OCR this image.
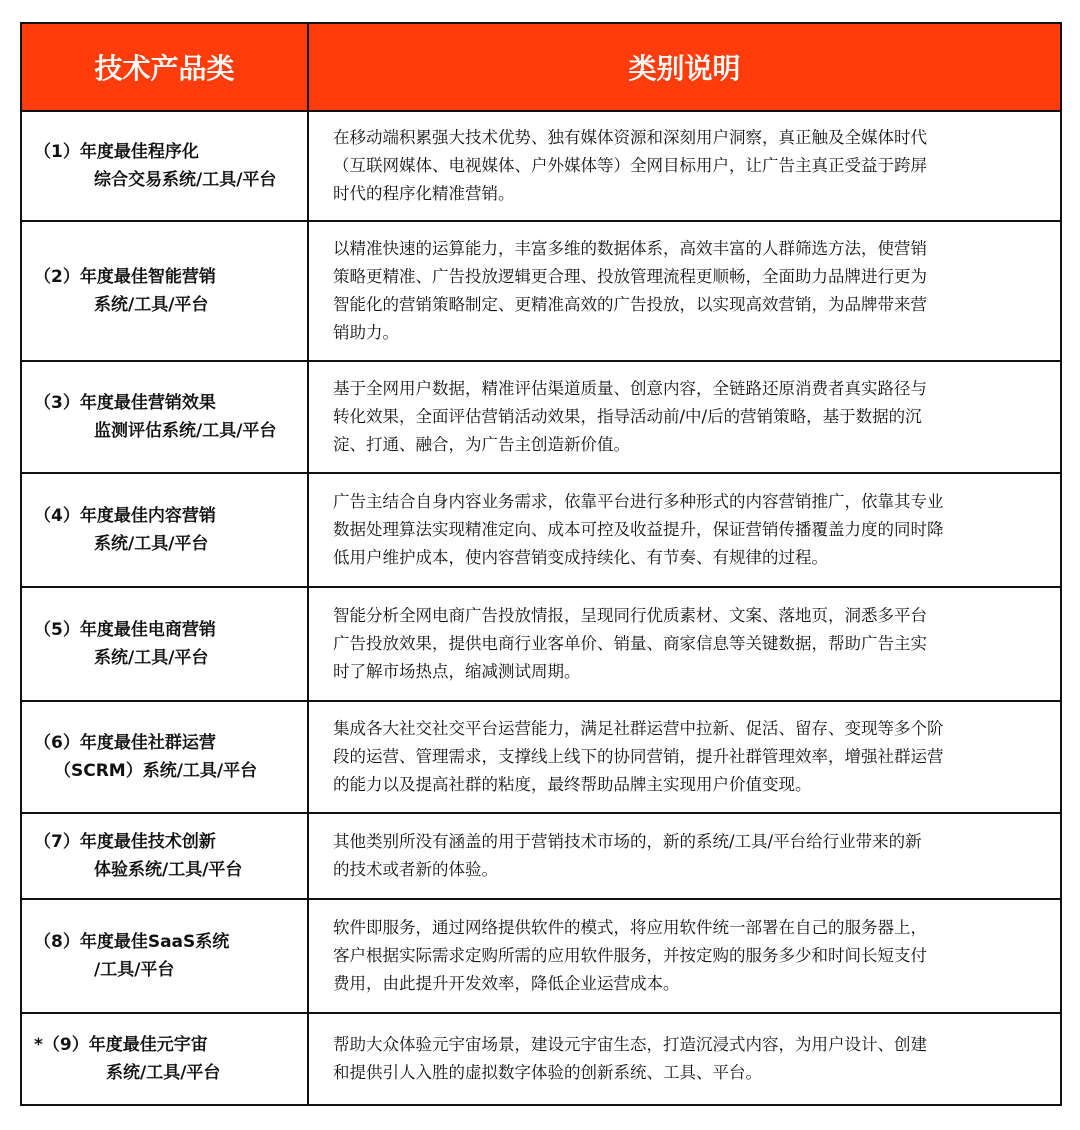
技术产品类	类别说明

（1）年度最佳程序化
综合交易系统/工具/平台	在移动端积累强大技术优势、独有媒体资源和深刻用户洞察，真正触及全媒体时代
（互联网媒体、电视媒体、户外媒体等）全网目标用户，让广告主真正受益于跨屏
时代的程序化精准营销。

（2）年度最佳智能营销
系统/工具/平台	以精准快速的运算能力，丰富多维的数据体系，高效丰富的人群筛选方法，使营销
策略更精准、广告投放逻辑更合理、投放管理流程更顺畅，全面助力品牌进行更为
智能化的营销策略制定、更精准高效的广告投放，以实现高效营销，为品牌带来营
销助力。

（3）年度最佳营销效果
监测评估系统/工具/平台	基于全网用户数据，精准评估渠道质量、创意内容，全链路还原消费者真实路径与
转化效果，全面评估营销活动效果，指导活动前/中/后的营销策略，基于数据的沉
淀、打通、融合，为广告主创造新价值。

（4）年度最佳内容营销
系统/工具/平台	广告主结合自身内容业务需求，依靠平台进行多种形式的内容营销推广，依靠其专业
数据处理算法实现精准定向、成本可控及收益提升，保证营销传播覆盖力度的同时降
低用户维护成本，使内容营销变成持续化、有节奏、有规律的过程。

（5）年度最佳电商营销
系统/工具/平台	智能分析全网电商广告投放情报，呈现同行优质素材、文案、落地页，洞悉多平台
广告投放效果，提供电商行业客单价、销量、商家信息等关键数据，帮助广告主实
时了解市场热点，缩减测试周期。

（6）年度最佳社群运营
（SCRM）系统/工具/平台	集成各大社交社交平台运营能力，满足社群运营中拉新、促活、留存、变现等多个阶
段的运营、管理需求，支撑线上线下的协同营销，提升社群管理效率，增强社群运营
的能力以及提高社群的粘度，最终帮助品牌主实现用户价值变现。

（7）年度最佳技术创新
体验系统/工具/平台	其他类别所没有涵盖的用于营销技术市场的，新的系统/工具/平台给行业带来的新
的技术或者新的体验。

（8）年度最佳SaaS系统
/工具/平台	软件即服务，通过网络提供软件的模式，将应用软件统一部署在自己的服务器上，
客户根据实际需求定购所需的应用软件服务，并按定购的服务多少和时间长短支付
费用，由此提升开发效率，降低企业运营成本。

*（9）年度最佳元宇宙
系统/工具/平台	帮助大众体验元宇宙场景，建设元宇宙生态，打造沉浸式内容，为用户设计、创建
和提供引人入胜的虚拟数字体验的创新系统、工具、平台。
